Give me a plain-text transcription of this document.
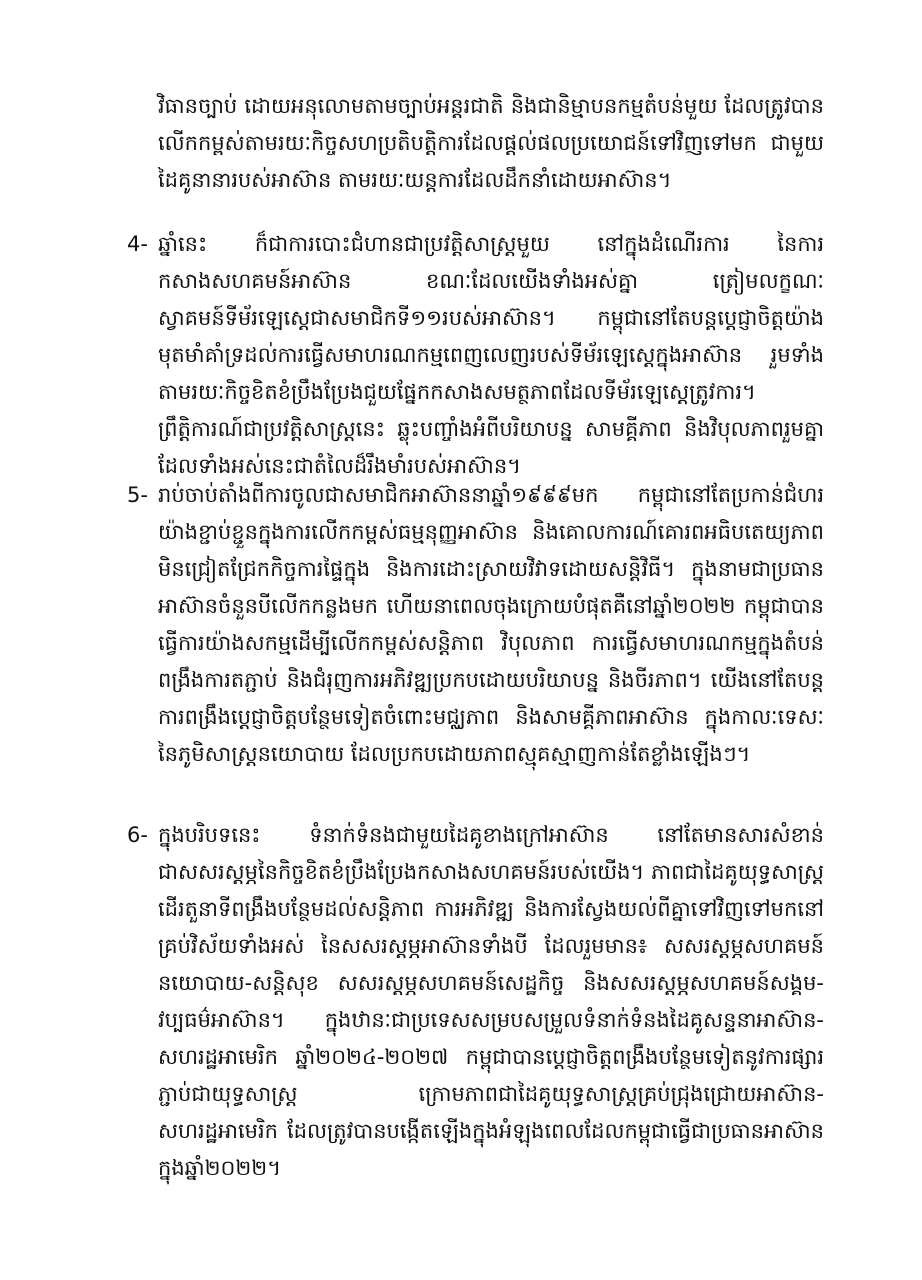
វិធានច្បាប់ ដោយអនុលោមតាមច្បាប់អន្តរជាតិ និងជានិម្មាបនកម្មតំបន់មួយ ដែលត្រូវបានលើកកម្ពស់តាមរយៈកិច្ចសហប្រតិបត្តិការដែលផ្តល់ផលប្រយោជន៍ទៅវិញទៅមក ជាមួយដៃគូនានារបស់អាស៊ាន តាមរយៈយន្តការដែលដឹកនាំដោយអាស៊ាន។
4- ឆ្នាំនេះ ក៏ជាការបោះជំហានជាប្រវត្តិសាស្ត្រមួយ នៅក្នុងដំណើរការ នៃការកសាងសហគមន៍អាស៊ាន ខណៈដែលយើងទាំងអស់គ្នា ត្រៀមលក្ខណៈស្វាគមន៍ទីម័រឡេស្តេជាសមាជិកទី១១របស់អាស៊ាន។ កម្ពុជានៅតែបន្តប្តេជ្ញាចិត្តយ៉ាងមុតមាំគាំទ្រដល់ការធ្វើសមាហរណកម្មពេញលេញរបស់ទីម័រឡេស្តេក្នុងអាស៊ាន រួមទាំងតាមរយៈកិច្ចខិតខំប្រឹងប្រែងជួយផ្នែកកសាងសមត្ថភាពដែលទីម័រឡេស្តេត្រូវការ។ ព្រឹត្តិការណ៍ជាប្រវត្តិសាស្ត្រនេះ ឆ្លុះបញ្ចាំងអំពីបរិយាបន្ន សាមគ្គីភាព និងវិបុលភាពរួមគ្នា ដែលទាំងអស់នេះជាតំលៃដ៏រឹងមាំរបស់អាស៊ាន។
5- រាប់ចាប់តាំងពីការចូលជាសមាជិកអាស៊ាននាឆ្នាំ១៩៩៩មក កម្ពុជានៅតែប្រកាន់ជំហរយ៉ាងខ្ជាប់ខ្ជួនក្នុងការលើកកម្ពស់ធម្មនុញ្ញអាស៊ាន និងគោលការណ៍គោរពអធិបតេយ្យភាព មិនជ្រៀតជ្រែកកិច្ចការផ្ទៃក្នុង និងការដោះស្រាយវិវាទដោយសន្តិវិធី។ ក្នុងនាមជាប្រធានអាស៊ានចំនួនបីលើកកន្លងមក ហើយនាពេលចុងក្រោយបំផុតគឺនៅឆ្នាំ២០២២ កម្ពុជាបានធ្វើការយ៉ាងសកម្មដើម្បីលើកកម្ពស់សន្តិភាព វិបុលភាព ការធ្វើសមាហរណកម្មក្នុងតំបន់ ពង្រឹងការតភ្ជាប់ និងជំរុញការអភិវឌ្ឍប្រកបដោយបរិយាបន្ន និងចីរភាព។ យើងនៅតែបន្តការពង្រឹងប្តេជ្ញាចិត្តបន្ថែមទៀតចំពោះមជ្ឈភាព និងសាមគ្គីភាពអាស៊ាន ក្នុងកាលៈទេសៈនៃភូមិសាស្ត្រនយោបាយ ដែលប្រកបដោយភាពស្មុគស្មាញកាន់តែខ្លាំងឡើងៗ។
6- ក្នុងបរិបទនេះ ទំនាក់ទំនងជាមួយដៃគូខាងក្រៅអាស៊ាន នៅតែមានសារសំខាន់ជាសសរស្តម្ភនៃកិច្ចខិតខំប្រឹងប្រែងកសាងសហគមន៍របស់យើង។ ភាពជាដៃគូយុទ្ធសាស្ត្រ ដើរតួនាទីពង្រឹងបន្ថែមដល់សន្តិភាព ការអភិវឌ្ឍ និងការស្វែងយល់ពីគ្នាទៅវិញទៅមកនៅគ្រប់វិស័យទាំងអស់ នៃសសរស្តម្ភអាស៊ានទាំងបី ដែលរួមមាន៖ សសរស្តម្ភសហគមន៍នយោបាយ-សន្តិសុខ សសរស្តម្ភសហគមន៍សេដ្ឋកិច្ច និងសសរស្តម្ភសហគមន៍សង្គម-វប្បធម៌អាស៊ាន។ ក្នុងឋានៈជាប្រទេសសម្របសម្រួលទំនាក់ទំនងដៃគូសន្ទនាអាស៊ាន-សហរដ្ឋអាមេរិក ឆ្នាំ២០២៤-២០២៧ កម្ពុជាបានប្តេជ្ញាចិត្តពង្រឹងបន្ថែមទៀតនូវការផ្សារភ្ជាប់ជាយុទ្ធសាស្ត្រ ក្រោមភាពជាដៃគូយុទ្ធសាស្ត្រគ្រប់ជ្រុងជ្រោយអាស៊ាន-សហរដ្ឋអាមេរិក ដែលត្រូវបានបង្កើតឡើងក្នុងអំឡុងពេលដែលកម្ពុជាធ្វើជាប្រធានអាស៊ានក្នុងឆ្នាំ២០២២។
